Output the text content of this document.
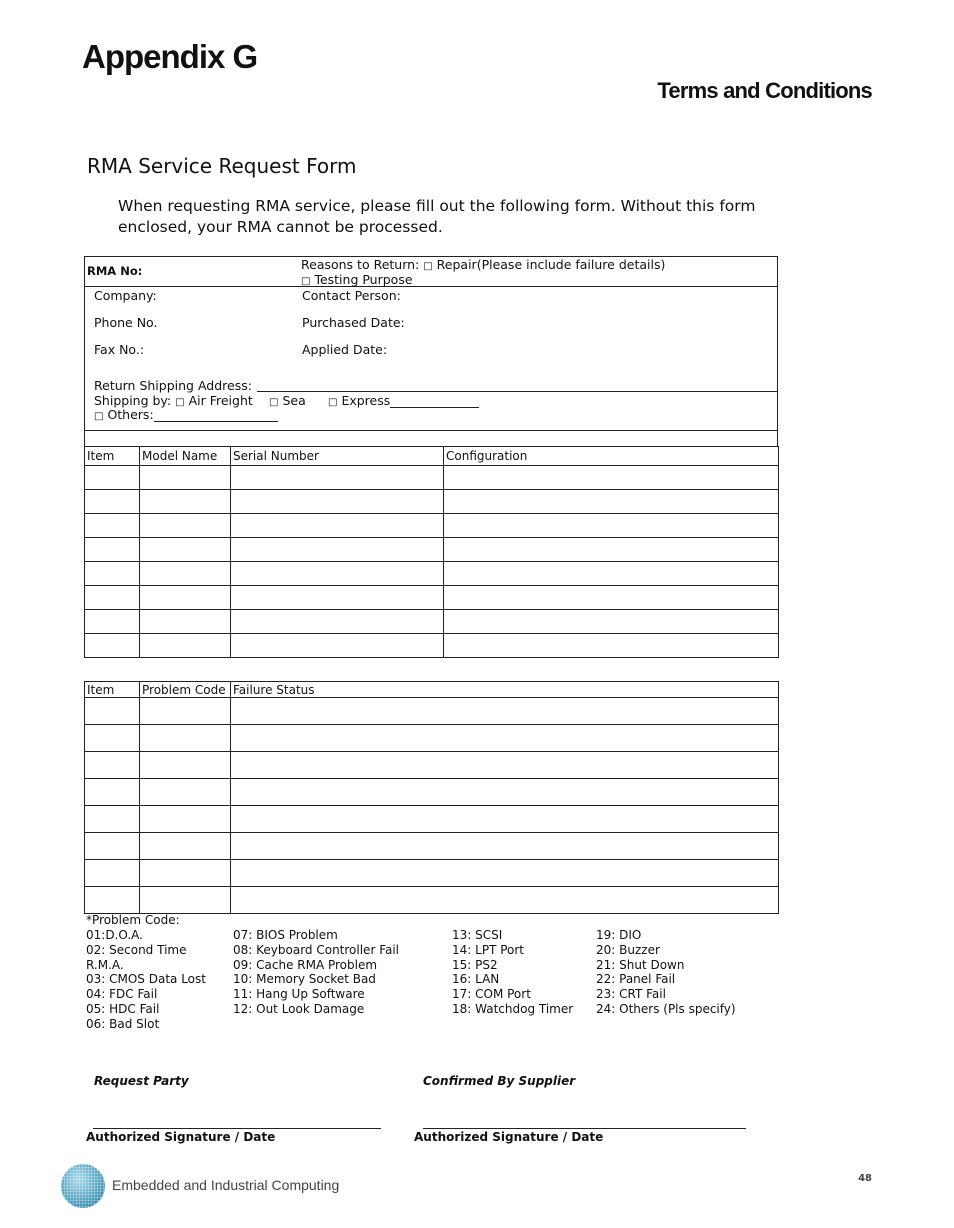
Appendix G
Terms and Conditions
RMA Service Request Form
When requesting RMA service, please fill out the following form. Without this form enclosed, your RMA cannot be processed.
RMA No:	Reasons to Return: □ Repair(Please include failure details)
□ Testing Purpose
Company:	Contact Person:
Phone No.	Purchased Date:
Fax No.:	Applied Date:
Return Shipping Address:
Shipping by: □ Air Freight □ Sea □ Express
□ Others:
Item	Model Name	Serial Number	Configuration

Item	Problem Code	Failure Status

*Problem Code:
01:D.O.A.
02: Second Time
R.M.A.
03: CMOS Data Lost
04: FDC Fail
05: HDC Fail
06: Bad Slot
07: BIOS Problem
08: Keyboard Controller Fail
09: Cache RMA Problem
10: Memory Socket Bad
11: Hang Up Software
12: Out Look Damage
13: SCSI
14: LPT Port
15: PS2
16: LAN
17: COM Port
18: Watchdog Timer
19: DIO
20: Buzzer
21: Shut Down
22: Panel Fail
23: CRT Fail
24: Others (Pls specify)
Request Party	Confirmed By Supplier
Authorized Signature / Date	Authorized Signature / Date
Embedded and Industrial Computing	48
